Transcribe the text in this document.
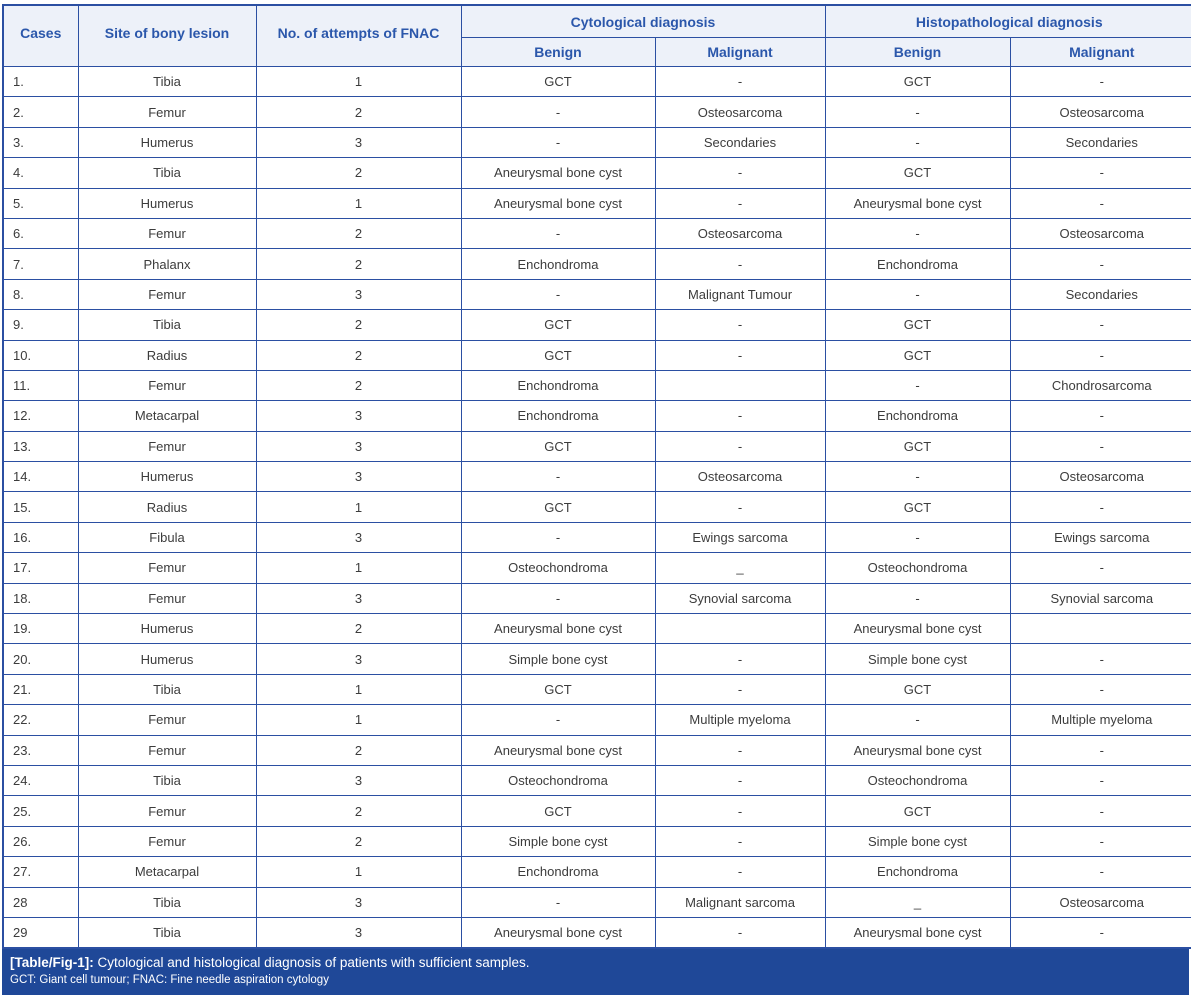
Cases	Site of bony lesion	No. of attempts of FNAC	Cytological diagnosis		Histopathological diagnosis	
			Benign	Malignant	Benign	Malignant
1.	Tibia	1	GCT	-	GCT	-
2.	Femur	2	-	Osteosarcoma	-	Osteosarcoma
3.	Humerus	3	-	Secondaries	-	Secondaries
4.	Tibia	2	Aneurysmal bone cyst	-	GCT	-
5.	Humerus	1	Aneurysmal bone cyst	-	Aneurysmal bone cyst	-
6.	Femur	2	-	Osteosarcoma	-	Osteosarcoma
7.	Phalanx	2	Enchondroma	-	Enchondroma	-
8.	Femur	3	-	Malignant Tumour	-	Secondaries
9.	Tibia	2	GCT	-	GCT	-
10.	Radius	2	GCT	-	GCT	-
11.	Femur	2	Enchondroma		-	Chondrosarcoma
12.	Metacarpal	3	Enchondroma	-	Enchondroma	-
13.	Femur	3	GCT	-	GCT	-
14.	Humerus	3	-	Osteosarcoma	-	Osteosarcoma
15.	Radius	1	GCT	-	GCT	-
16.	Fibula	3	-	Ewings sarcoma	-	Ewings sarcoma
17.	Femur	1	Osteochondroma	_	Osteochondroma	-
18.	Femur	3	-	Synovial sarcoma	-	Synovial sarcoma
19.	Humerus	2	Aneurysmal bone cyst		Aneurysmal bone cyst	
20.	Humerus	3	Simple bone cyst	-	Simple bone cyst	-
21.	Tibia	1	GCT	-	GCT	-
22.	Femur	1	-	Multiple myeloma	-	Multiple myeloma
23.	Femur	2	Aneurysmal bone cyst	-	Aneurysmal bone cyst	-
24.	Tibia	3	Osteochondroma	-	Osteochondroma	-
25.	Femur	2	GCT	-	GCT	-
26.	Femur	2	Simple bone cyst	-	Simple bone cyst	-
27.	Metacarpal	1	Enchondroma	-	Enchondroma	-
28	Tibia	3	-	Malignant sarcoma	_	Osteosarcoma
29	Tibia	3	Aneurysmal bone cyst	-	Aneurysmal bone cyst	-
[Table/Fig-1]: Cytological and histological diagnosis of patients with sufficient samples.
GCT: Giant cell tumour; FNAC: Fine needle aspiration cytology
